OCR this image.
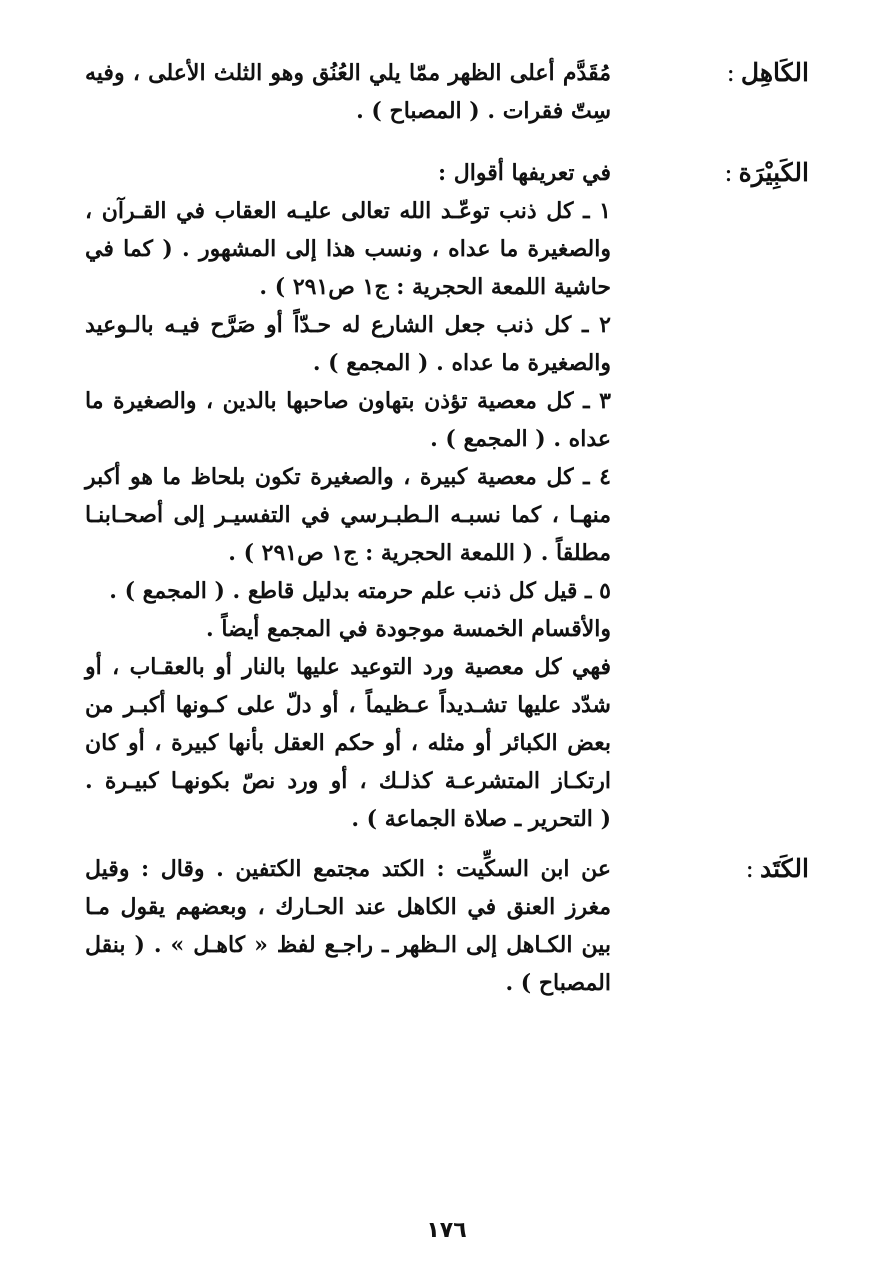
الكَاهِل:

مُقَدَّم أعلى الظهر ممّا يلي العُنُق وهو الثلث الأعلى ، وفيه

سِتّ فقرات . ( المصباح ) .

الكَبِيْرَة:

في تعريفها أقوال :

١ ـ كل ذنب توعّـد الله تعالى عليـه العقاب في القـرآن ،

والصغيرة ما عداه ، ونسب هذا إلى المشهور . ( كما في

حاشية اللمعة الحجرية : ج١ ص٢٩١ ) .

٢ ـ كل ذنب جعل الشارع له حـدّاً أو صَرَّح فيـه بالـوعيد

والصغيرة ما عداه . ( المجمع ) .

٣ ـ كل معصية تؤذن بتهاون صاحبها بالدين ، والصغيرة ما

عداه . ( المجمع ) .

٤ ـ كل معصية كبيرة ، والصغيرة تكون بلحاظ ما هو أكبر

منهـا ، كما نسبـه الـطبـرسي في التفسيـر إلى أصحـابنـا

مطلقاً . ( اللمعة الحجرية : ج١ ص٢٩١ ) .

٥ ـ قيل كل ذنب علم حرمته بدليل قاطع . ( المجمع ) .

والأقسام الخمسة موجودة في المجمع أيضاً .

فهي كل معصية ورد التوعيد عليها بالنار أو بالعقـاب ، أو

شدّد عليها تشـديداً عـظيماً ، أو دلّ على كـونها أكبـر من

بعض الكبائر أو مثله ، أو حكم العقل بأنها كبيرة ، أو كان

ارتكـاز المتشرعـة كذلـك ، أو ورد نصّ بكونهـا كبيـرة .

( التحرير ـ صلاة الجماعة ) .

الكَتَد:

عن ابن السكِّيت : الكتد مجتمع الكتفين . وقال : وقيل

مغرز العنق في الكاهل عند الحـارك ، وبعضهم يقول مـا

بين الكـاهل إلى الـظهر ـ راجـع لفظ « كاهـل » . ( بنقل

المصباح ) .

١٧٦
